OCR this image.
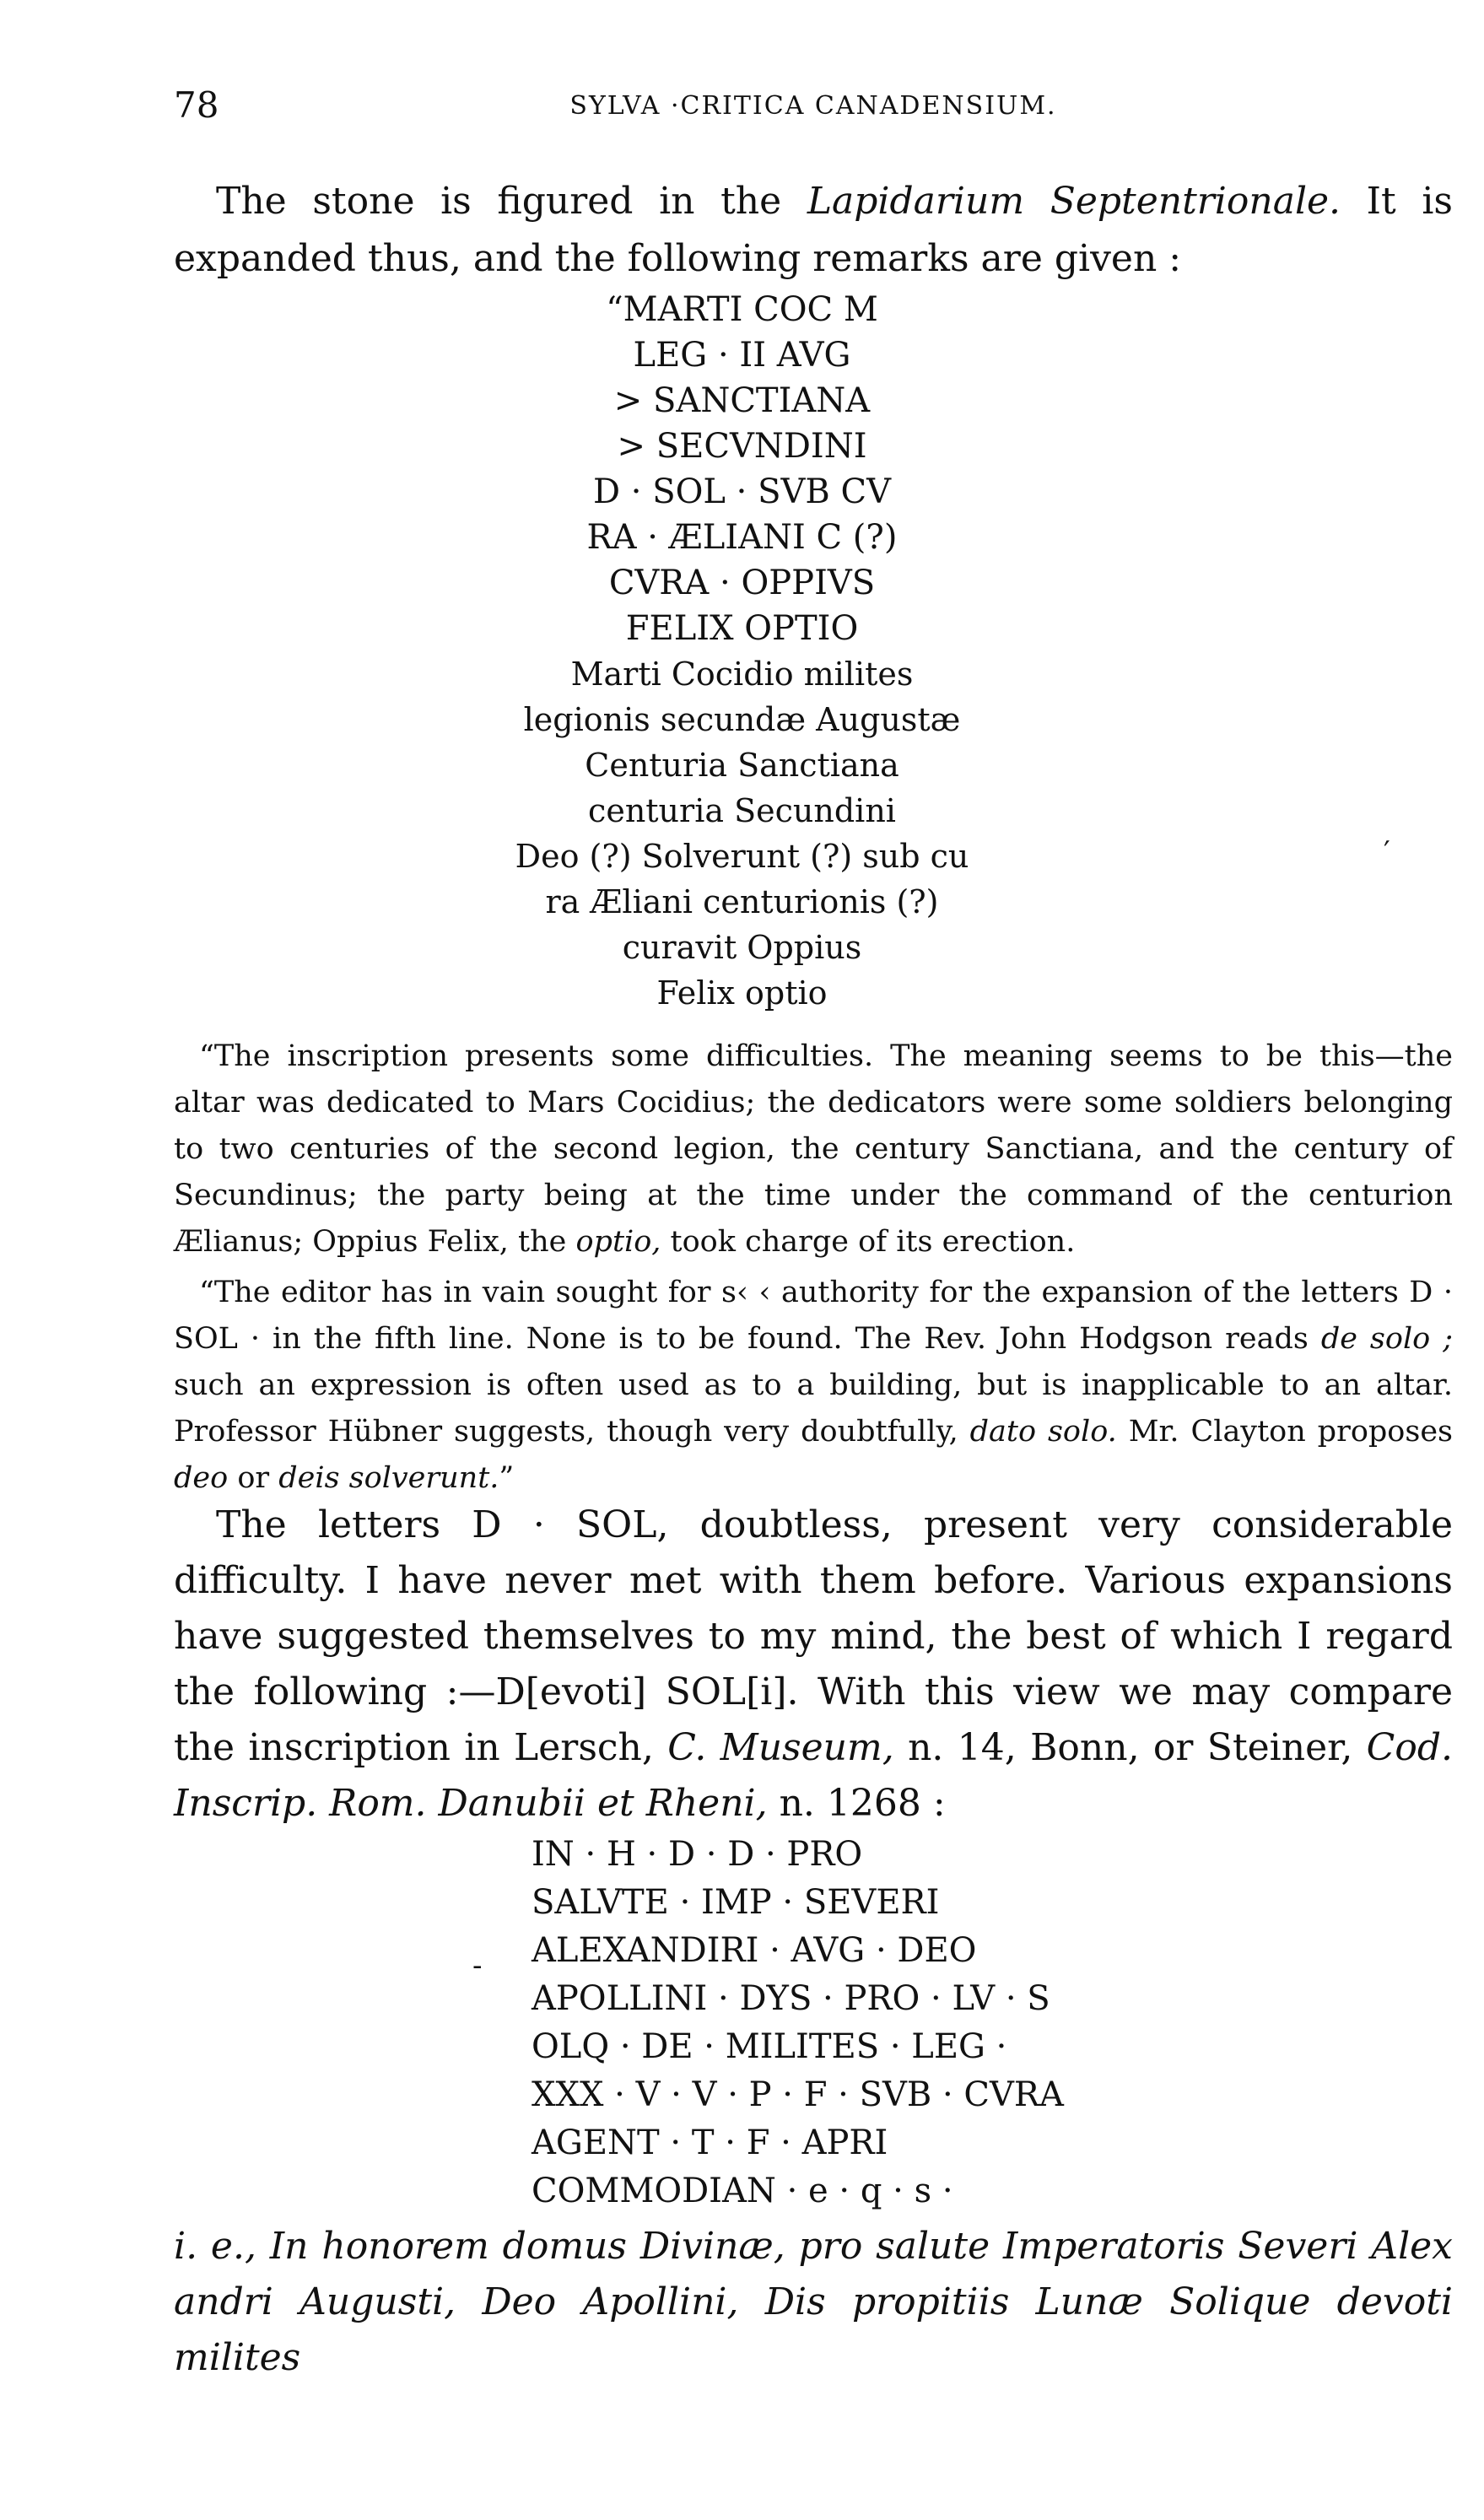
78	SYLVA ·CRITICA CANADENSIUM.

The stone is figured in the Lapidarium Septentrionale. It is expanded thus, and the following remarks are given :

“MARTI COC M
LEG · II AVG
> SANCTIANA
> SECVNDINI
D · SOL · SVB CV
RA · ÆLIANI C (?)
CVRA · OPPIVS
FELIX OPTIO
Marti Cocidio milites
legionis secundæ Augustæ
Centuria Sanctiana
centuria Secundini
Deo (?) Solverunt (?) sub cu
ra Æliani centurionis (?)
curavit Oppius
Felix optio
′

“The inscription presents some difficulties. The meaning seems to be this—the altar was dedicated to Mars Cocidius; the dedicators were some soldiers belonging to two centuries of the second legion, the century Sanctiana, and the century of Secundinus; the party being at the time under the command of the centurion Ælianus; Oppius Felix, the optio, took charge of its erection.

“The editor has in vain sought for s‹ ‹ authority for the expansion of the letters D · SOL · in the fifth line. None is to be found. The Rev. John Hodgson reads de solo ; such an expression is often used as to a building, but is inapplicable to an altar. Professor Hübner suggests, though very doubtfully, dato solo. Mr. Clayton proposes deo or deis solverunt.”

The letters D · SOL, doubtless, present very considerable difficulty. I have never met with them before. Various expansions have suggested themselves to my mind, the best of which I regard the following :—D[evoti] SOL[i]. With this view we may compare the inscription in Lersch, C. Museum, n. 14, Bonn, or Steiner, Cod. Inscrip. Rom. Danubii et Rheni, n. 1268 :

-
IN · H · D · D · PRO
SALVTE · IMP · SEVERI
ALEXANDIRI · AVG · DEO
APOLLINI · DYS · PRO · LV · S
OLQ · DE · MILITES · LEG ·
XXX · V · V · P · F · SVB · CVRA
AGENT · T · F · APRI
COMMODIAN · e · q · s ·

i. e., In honorem domus Divinæ, pro salute Imperatoris Severi Alex andri Augusti, Deo Apollini, Dis propitiis Lunæ Solique devoti milites
